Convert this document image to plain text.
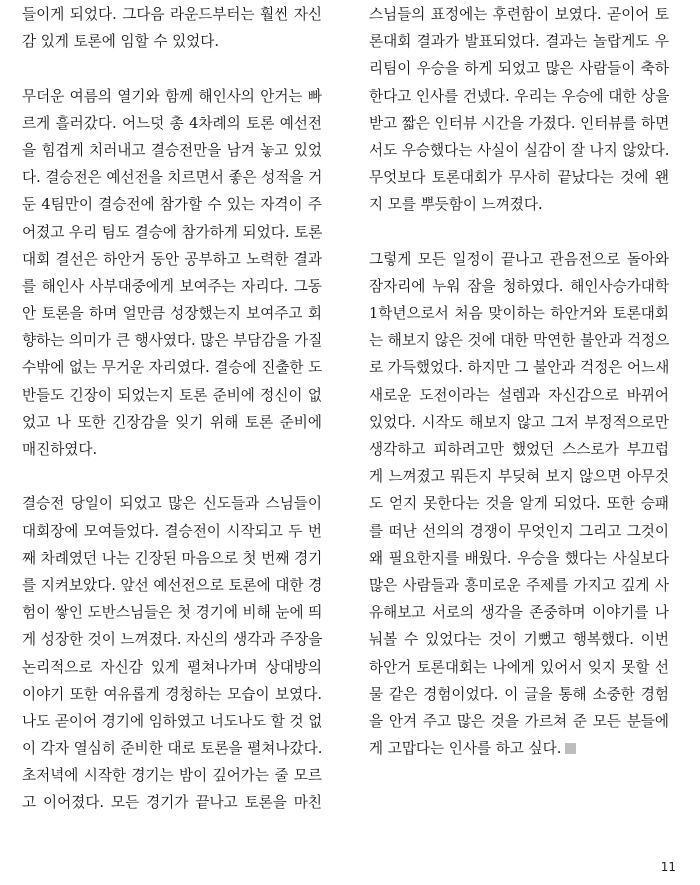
들이게 되었다. 그다음 라운드부터는 훨씬 자신
감 있게 토론에 임할 수 있었다.
무더운 여름의 열기와 함께 해인사의 안거는 빠
르게 흘러갔다. 어느덧 총 4차례의 토론 예선전
을 힘겹게 치러내고 결승전만을 남겨 놓고 있었
다. 결승전은 예선전을 치르면서 좋은 성적을 거
둔 4팀만이 결승전에 참가할 수 있는 자격이 주
어졌고 우리 팀도 결승에 참가하게 되었다. 토론
대회 결선은 하안거 동안 공부하고 노력한 결과
를 해인사 사부대중에게 보여주는 자리다. 그동
안 토론을 하며 얼만큼 성장했는지 보여주고 회
향하는 의미가 큰 행사였다. 많은 부담감을 가질
수밖에 없는 무거운 자리였다. 결승에 진출한 도
반들도 긴장이 되었는지 토론 준비에 정신이 없
었고 나 또한 긴장감을 잊기 위해 토론 준비에
매진하였다.
결승전 당일이 되었고 많은 신도들과 스님들이
대회장에 모여들었다. 결승전이 시작되고 두 번
째 차례였던 나는 긴장된 마음으로 첫 번째 경기
를 지켜보았다. 앞선 예선전으로 토론에 대한 경
험이 쌓인 도반스님들은 첫 경기에 비해 눈에 띄
게 성장한 것이 느껴졌다. 자신의 생각과 주장을
논리적으로 자신감 있게 펼쳐나가며 상대방의
이야기 또한 여유롭게 경청하는 모습이 보였다.
나도 곧이어 경기에 임하였고 너도나도 할 것 없
이 각자 열심히 준비한 대로 토론을 펼쳐나갔다.
초저녁에 시작한 경기는 밤이 깊어가는 줄 모르
고 이어졌다. 모든 경기가 끝나고 토론을 마친
스님들의 표정에는 후련함이 보였다. 곧이어 토
론대회 결과가 발표되었다. 결과는 놀랍게도 우
리팀이 우승을 하게 되었고 많은 사람들이 축하
한다고 인사를 건넸다. 우리는 우승에 대한 상을
받고 짧은 인터뷰 시간을 가졌다. 인터뷰를 하면
서도 우승했다는 사실이 실감이 잘 나지 않았다.
무엇보다 토론대회가 무사히 끝났다는 것에 왠
지 모를 뿌듯함이 느껴졌다.
그렇게 모든 일정이 끝나고 관음전으로 돌아와
잠자리에 누워 잠을 청하였다. 해인사승가대학
1학년으로서 처음 맞이하는 하안거와 토론대회
는 해보지 않은 것에 대한 막연한 불안과 걱정으
로 가득했었다. 하지만 그 불안과 걱정은 어느새
새로운 도전이라는 설렘과 자신감으로 바뀌어
있었다. 시작도 해보지 않고 그저 부정적으로만
생각하고 피하려고만 했었던 스스로가 부끄럽
게 느껴졌고 뭐든지 부딪혀 보지 않으면 아무것
도 얻지 못한다는 것을 알게 되었다. 또한 승패
를 떠난 선의의 경쟁이 무엇인지 그리고 그것이
왜 필요한지를 배웠다. 우승을 했다는 사실보다
많은 사람들과 흥미로운 주제를 가지고 깊게 사
유해보고 서로의 생각을 존중하며 이야기를 나
눠볼 수 있었다는 것이 기뻤고 행복했다. 이번
하안거 토론대회는 나에게 있어서 잊지 못할 선
물 같은 경험이었다. 이 글을 통해 소중한 경험
을 안겨 주고 많은 것을 가르쳐 준 모든 분들에
게 고맙다는 인사를 하고 싶다.
11
